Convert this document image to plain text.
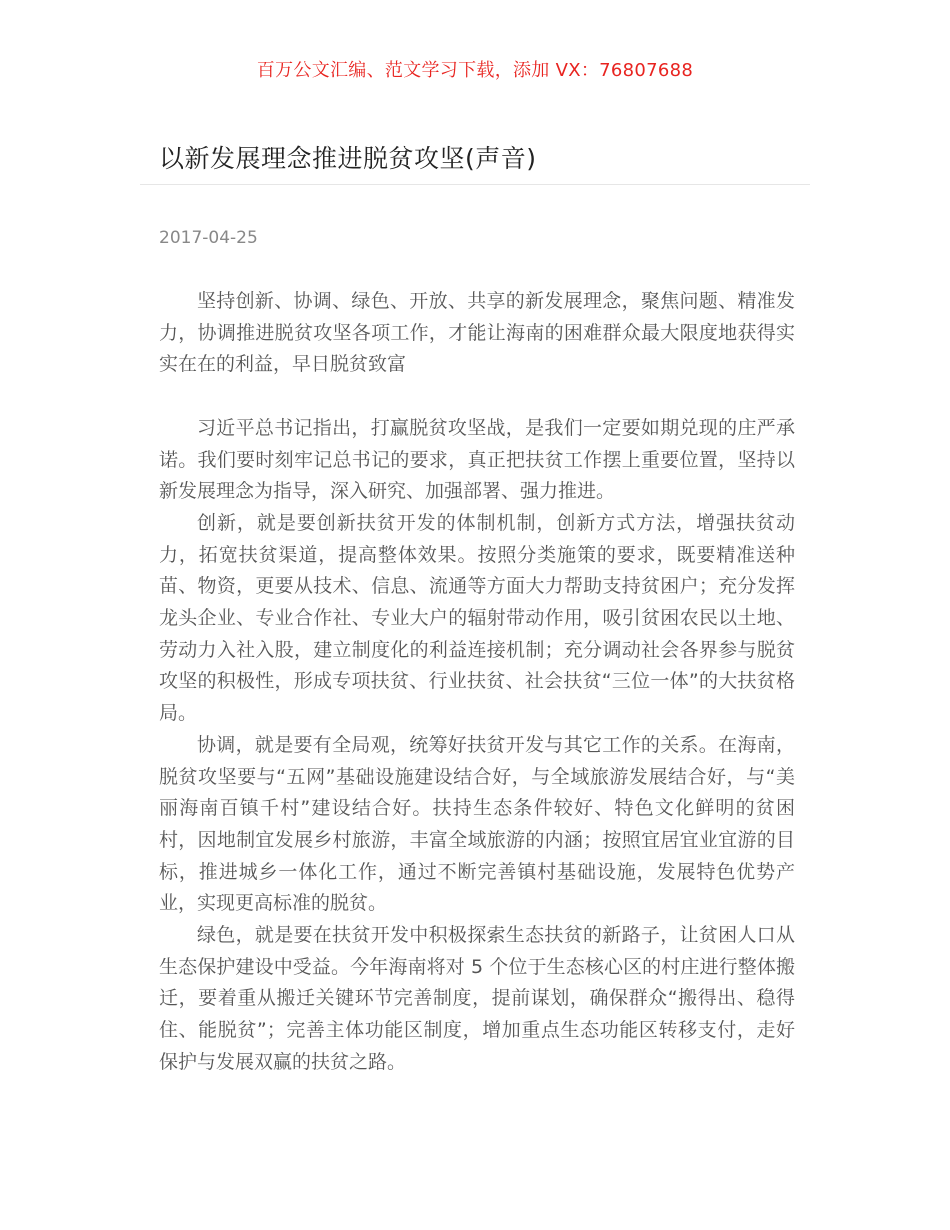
百万公文汇编、范文学习下载，添加 VX：76807688
以新发展理念推进脱贫攻坚(声音)
2017-04-25

坚持创新、协调、绿色、开放、共享的新发展理念，聚焦问题、精准发力，协调推进脱贫攻坚各项工作，才能让海南的困难群众最大限度地获得实实在在的利益，早日脱贫致富

习近平总书记指出，打赢脱贫攻坚战，是我们一定要如期兑现的庄严承诺。我们要时刻牢记总书记的要求，真正把扶贫工作摆上重要位置，坚持以新发展理念为指导，深入研究、加强部署、强力推进。

创新，就是要创新扶贫开发的体制机制，创新方式方法，增强扶贫动力，拓宽扶贫渠道，提高整体效果。按照分类施策的要求，既要精准送种苗、物资，更要从技术、信息、流通等方面大力帮助支持贫困户；充分发挥龙头企业、专业合作社、专业大户的辐射带动作用，吸引贫困农民以土地、劳动力入社入股，建立制度化的利益连接机制；充分调动社会各界参与脱贫攻坚的积极性，形成专项扶贫、行业扶贫、社会扶贫“三位一体”的大扶贫格局。

协调，就是要有全局观，统筹好扶贫开发与其它工作的关系。在海南，脱贫攻坚要与“五网”基础设施建设结合好，与全域旅游发展结合好，与“美丽海南百镇千村”建设结合好。扶持生态条件较好、特色文化鲜明的贫困村，因地制宜发展乡村旅游，丰富全域旅游的内涵；按照宜居宜业宜游的目标，推进城乡一体化工作，通过不断完善镇村基础设施，发展特色优势产业，实现更高标准的脱贫。

绿色，就是要在扶贫开发中积极探索生态扶贫的新路子，让贫困人口从生态保护建设中受益。今年海南将对 5 个位于生态核心区的村庄进行整体搬迁，要着重从搬迁关键环节完善制度，提前谋划，确保群众“搬得出、稳得住、能脱贫”；完善主体功能区制度，增加重点生态功能区转移支付，走好保护与发展双赢的扶贫之路。
